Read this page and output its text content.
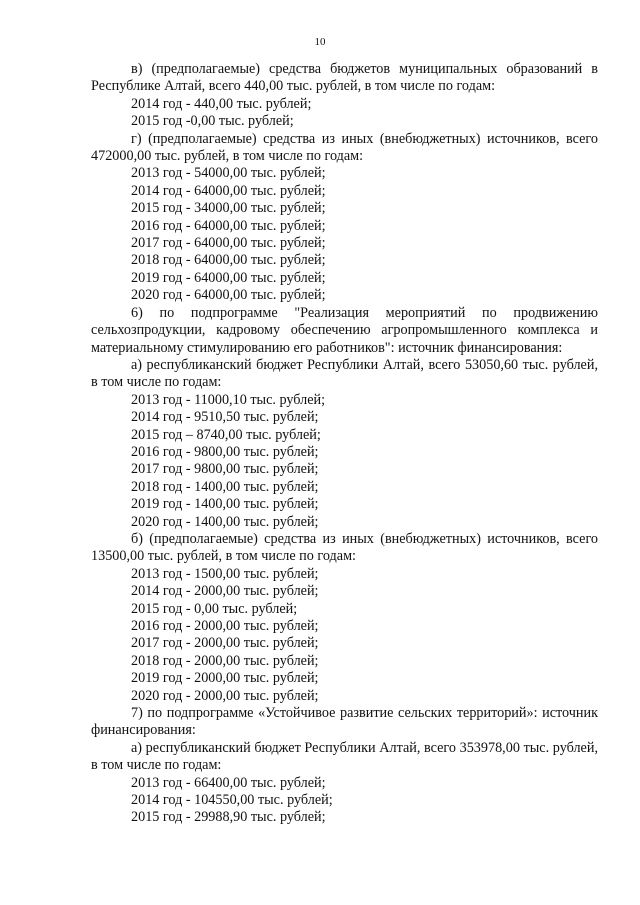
10

в) (предполагаемые) средства бюджетов муниципальных образований в Республике Алтай, всего 440,00 тыс. рублей, в том числе по годам:

2014 год - 440,00 тыс. рублей;
2015 год -0,00 тыс. рублей;

г) (предполагаемые) средства из иных (внебюджетных) источников, всего 472000,00 тыс. рублей, в том числе по годам:

2013 год - 54000,00 тыс. рублей;
2014 год - 64000,00 тыс. рублей;
2015 год - 34000,00 тыс. рублей;
2016 год - 64000,00 тыс. рублей;
2017 год - 64000,00 тыс. рублей;
2018 год - 64000,00 тыс. рублей;
2019 год - 64000,00 тыс. рублей;
2020 год - 64000,00 тыс. рублей;

6) по подпрограмме "Реализация мероприятий по продвижению сельхозпродукции, кадровому обеспечению агропромышленного комплекса и материальному стимулированию его работников": источник финансирования:

а) республиканский бюджет Республики Алтай, всего 53050,60 тыс. рублей, в том числе по годам:

2013 год - 11000,10 тыс. рублей;
2014 год - 9510,50 тыс. рублей;
2015 год – 8740,00 тыс. рублей;
2016 год - 9800,00 тыс. рублей;
2017 год - 9800,00 тыс. рублей;
2018 год - 1400,00 тыс. рублей;
2019 год - 1400,00 тыс. рублей;
2020 год - 1400,00 тыс. рублей;

б) (предполагаемые) средства из иных (внебюджетных) источников, всего 13500,00 тыс. рублей, в том числе по годам:

2013 год - 1500,00 тыс. рублей;
2014 год - 2000,00 тыс. рублей;
2015 год - 0,00 тыс. рублей;
2016 год - 2000,00 тыс. рублей;
2017 год - 2000,00 тыс. рублей;
2018 год - 2000,00 тыс. рублей;
2019 год - 2000,00 тыс. рублей;
2020 год - 2000,00 тыс. рублей;

7) по подпрограмме «Устойчивое развитие сельских территорий»: источник финансирования:

а) республиканский бюджет Республики Алтай, всего 353978,00 тыс. рублей, в том числе по годам:

2013 год - 66400,00 тыс. рублей;
2014 год - 104550,00 тыс. рублей;
2015 год - 29988,90 тыс. рублей;
